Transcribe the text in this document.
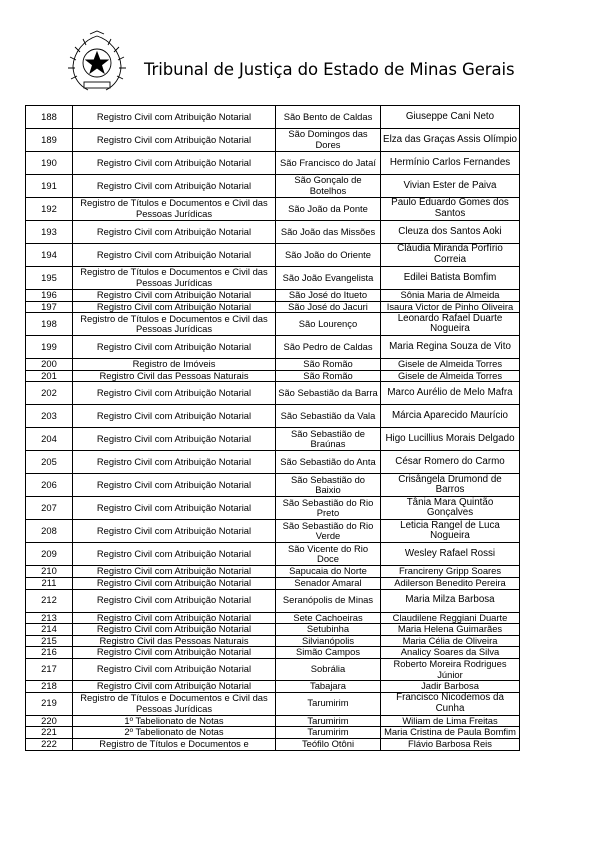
Tribunal de Justiça do Estado de Minas Gerais
188	Registro Civil com Atribuição Notarial	São Bento de Caldas	Giuseppe Cani Neto
189	Registro Civil com Atribuição Notarial	São Domingos das Dores	Elza das Graças Assis Olímpio
190	Registro Civil com Atribuição Notarial	São Francisco do Jataí	Hermínio Carlos Fernandes
191	Registro Civil com Atribuição Notarial	São Gonçalo de Botelhos	Vivian Ester de Paiva
192	Registro de Títulos e Documentos e Civil das Pessoas Jurídicas	São João da Ponte	Paulo Eduardo Gomes dos Santos
193	Registro Civil com Atribuição Notarial	São João das Missões	Cleuza dos Santos Aoki
194	Registro Civil com Atribuição Notarial	São João do Oriente	Cláudia Miranda Porfírio Correia
195	Registro de Títulos e Documentos e Civil das Pessoas Jurídicas	São João Evangelista	Edilei Batista Bomfim
196	Registro Civil com Atribuição Notarial	São José do Itueto	Sônia Maria de Almeida
197	Registro Civil com Atribuição Notarial	São José do Jacuri	Isaura Victor de Pinho Oliveira
198	Registro de Títulos e Documentos e Civil das Pessoas Jurídicas	São Lourenço	Leonardo Rafael Duarte Nogueira
199	Registro Civil com Atribuição Notarial	São Pedro de Caldas	Maria Regina Souza de Vito
200	Registro de Imóveis	São Romão	Gisele de Almeida Torres
201	Registro Civil das Pessoas Naturais	São Romão	Gisele de Almeida Torres
202	Registro Civil com Atribuição Notarial	São Sebastião da Barra	Marco Aurélio de Melo Mafra
203	Registro Civil com Atribuição Notarial	São Sebastião da Vala	Márcia Aparecido Maurício
204	Registro Civil com Atribuição Notarial	São Sebastião de Braúnas	Higo Lucillius Morais Delgado
205	Registro Civil com Atribuição Notarial	São Sebastião do Anta	César Romero do Carmo
206	Registro Civil com Atribuição Notarial	São Sebastião do Baixio	Crisângela Drumond de Barros
207	Registro Civil com Atribuição Notarial	São Sebastião do Rio Preto	Tânia Mara Quintão Gonçalves
208	Registro Civil com Atribuição Notarial	São Sebastião do Rio Verde	Leticia Rangel de Luca Nogueira
209	Registro Civil com Atribuição Notarial	São Vicente do Rio Doce	Wesley Rafael Rossi
210	Registro Civil com Atribuição Notarial	Sapucaia do Norte	Francireny Gripp Soares
211	Registro Civil com Atribuição Notarial	Senador Amaral	Adilerson Benedito Pereira
212	Registro Civil com Atribuição Notarial	Seranópolis de Minas	Maria Milza Barbosa
213	Registro Civil com Atribuição Notarial	Sete Cachoeiras	Claudilene Reggiani Duarte
214	Registro Civil com Atribuição Notarial	Setubinha	Maria Helena Guimarães
215	Registro Civil das Pessoas Naturais	Silvianópolis	Maria Célia de Oliveira
216	Registro Civil com Atribuição Notarial	Simão Campos	Analicy Soares da Silva
217	Registro Civil com Atribuição Notarial	Sobrália	Roberto Moreira Rodrigues Júnior
218	Registro Civil com Atribuição Notarial	Tabajara	Jadir Barbosa
219	Registro de Títulos e Documentos e Civil das Pessoas Jurídicas	Tarumirim	Francisco Nicodemos da Cunha
220	1º Tabelionato de Notas	Tarumirim	Wiliam de Lima Freitas
221	2º Tabelionato de Notas	Tarumirim	Maria Cristina de Paula Bomfim
222	Registro de Títulos e Documentos e	Teófilo Otôni	Flávio Barbosa Reis
